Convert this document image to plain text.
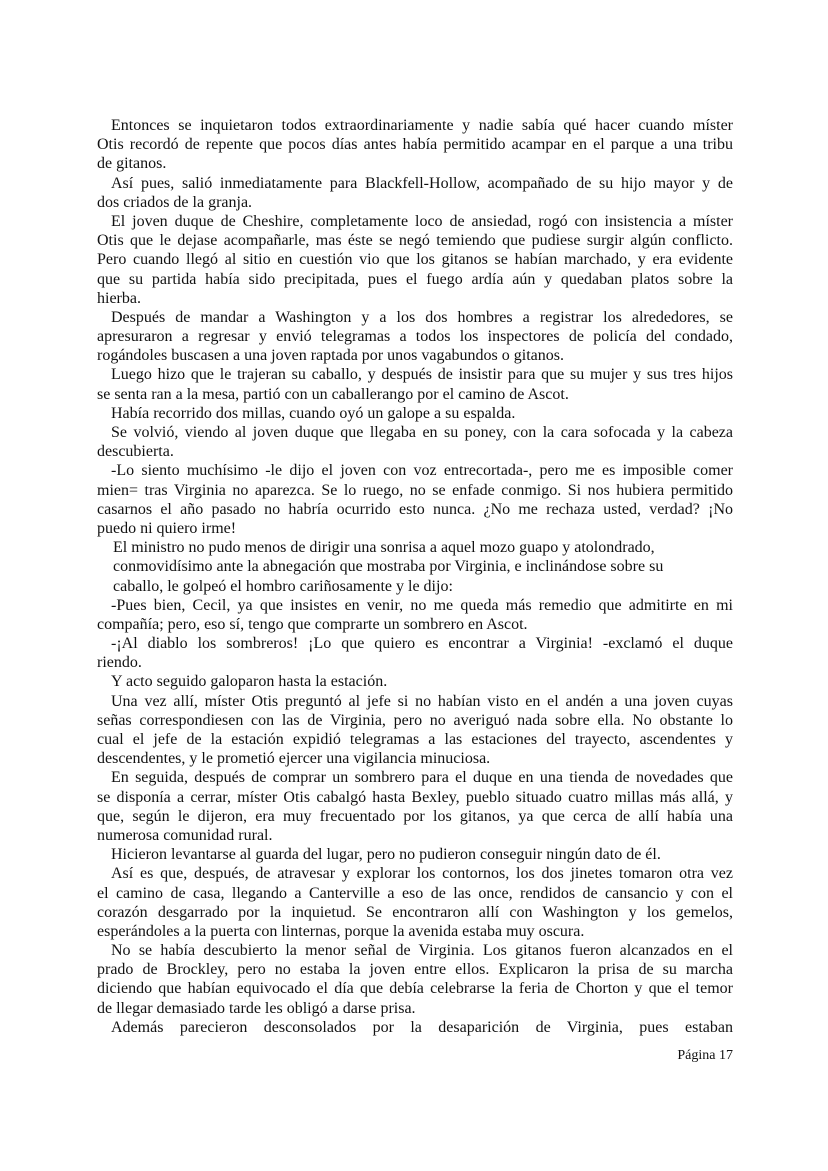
Entonces se inquietaron todos extraordinariamente y nadie sabía qué hacer cuando míster
Otis recordó de repente que pocos días antes había permitido acampar en el parque a una tribu
de gitanos.
Así pues, salió inmediatamente para Blackfell-Hollow, acompañado de su hijo mayor y de
dos criados de la granja.
El joven duque de Cheshire, completamente loco de ansiedad, rogó con insistencia a míster
Otis que le dejase acompañarle, mas éste se negó temiendo que pudiese surgir algún conflicto.
Pero cuando llegó al sitio en cuestión vio que los gitanos se habían marchado, y era evidente
que su partida había sido precipitada, pues el fuego ardía aún y quedaban platos sobre la
hierba.
Después de mandar a Washington y a los dos hombres a registrar los alrededores, se
apresuraron a regresar y envió telegramas a todos los inspectores de policía del condado,
rogándoles buscasen a una joven raptada por unos vagabundos o gitanos.
Luego hizo que le trajeran su caballo, y después de insistir para que su mujer y sus tres hijos
se senta ran a la mesa, partió con un caballerango por el camino de Ascot.
Había recorrido dos millas, cuando oyó un galope a su espalda.
Se volvió, viendo al joven duque que llegaba en su poney, con la cara sofocada y la cabeza
descubierta.
-Lo siento muchísimo -le dijo el joven con voz entrecortada-, pero me es imposible comer
mien= tras Virginia no aparezca. Se lo ruego, no se enfade conmigo. Si nos hubiera permitido
casarnos el año pasado no habría ocurrido esto nunca. ¿No me rechaza usted, verdad? ¡No
puedo ni quiero irme!
El ministro no pudo menos de dirigir una sonrisa a aquel mozo guapo y atolondrado,
conmovidísimo ante la abnegación que mostraba por Virginia, e inclinándose sobre su
caballo, le golpeó el hombro cariñosamente y le dijo:
-Pues bien, Cecil, ya que insistes en venir, no me queda más remedio que admitirte en mi
compañía; pero, eso sí, tengo que comprarte un sombrero en Ascot.
-¡Al diablo los sombreros! ¡Lo que quiero es encontrar a Virginia! -exclamó el duque
riendo.
Y acto seguido galoparon hasta la estación.
Una vez allí, míster Otis preguntó al jefe si no habían visto en el andén a una joven cuyas
señas correspondiesen con las de Virginia, pero no averiguó nada sobre ella. No obstante lo
cual el jefe de la estación expidió telegramas a las estaciones del trayecto, ascendentes y
descendentes, y le prometió ejercer una vigilancia minuciosa.
En seguida, después de comprar un sombrero para el duque en una tienda de novedades que
se disponía a cerrar, míster Otis cabalgó hasta Bexley, pueblo situado cuatro millas más allá, y
que, según le dijeron, era muy frecuentado por los gitanos, ya que cerca de allí había una
numerosa comunidad rural.
Hicieron levantarse al guarda del lugar, pero no pudieron conseguir ningún dato de él.
Así es que, después, de atravesar y explorar los contornos, los dos jinetes tomaron otra vez
el camino de casa, llegando a Canterville a eso de las once, rendidos de cansancio y con el
corazón desgarrado por la inquietud. Se encontraron allí con Washington y los gemelos,
esperándoles a la puerta con linternas, porque la avenida estaba muy oscura.
No se había descubierto la menor señal de Virginia. Los gitanos fueron alcanzados en el
prado de Brockley, pero no estaba la joven entre ellos. Explicaron la prisa de su marcha
diciendo que habían equivocado el día que debía celebrarse la feria de Chorton y que el temor
de llegar demasiado tarde les obligó a darse prisa.
Además parecieron desconsolados por la desaparición de Virginia, pues estaban
Página 17
